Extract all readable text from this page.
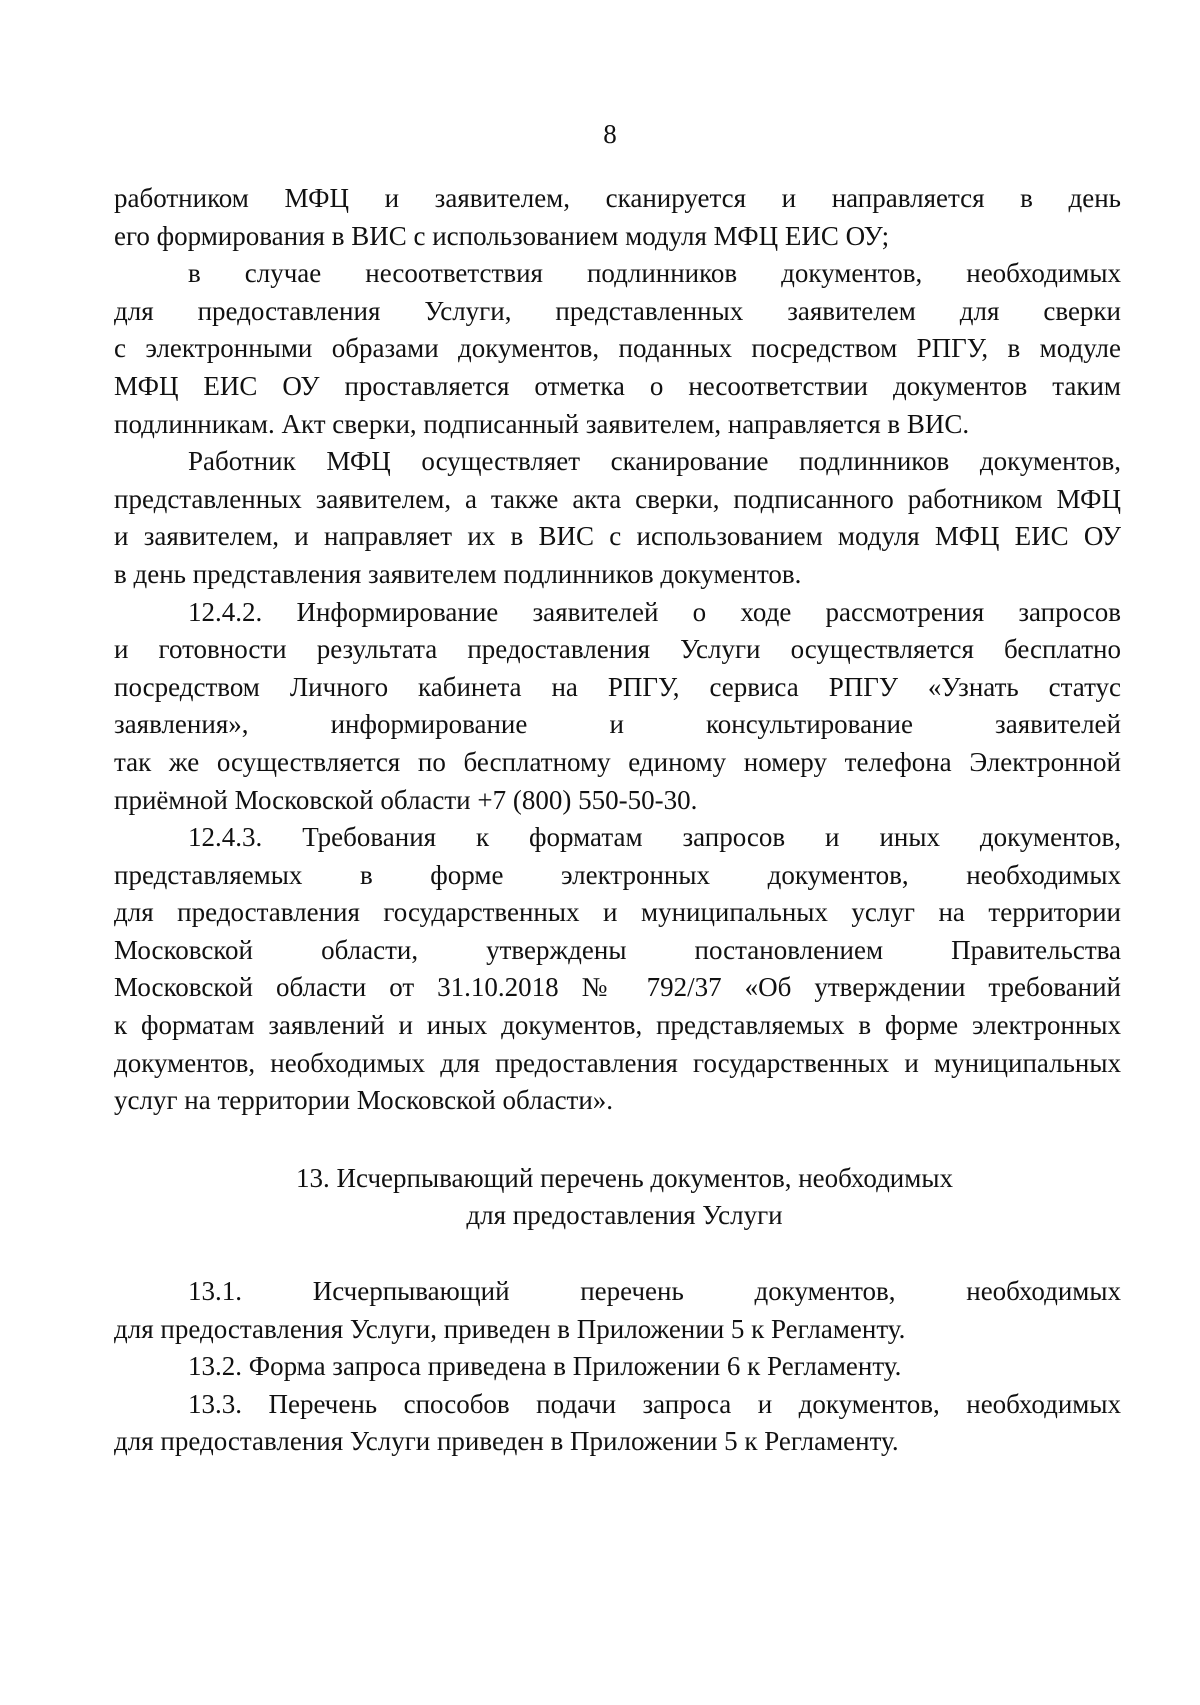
8
работником МФЦ и заявителем, сканируется и направляется в день
его формирования в ВИС с использованием модуля МФЦ ЕИС ОУ;
в случае несоответствия подлинников документов, необходимых
для предоставления Услуги, представленных заявителем для сверки
с электронными образами документов, поданных посредством РПГУ, в модуле
МФЦ ЕИС ОУ проставляется отметка о несоответствии документов таким
подлинникам. Акт сверки, подписанный заявителем, направляется в ВИС.
Работник МФЦ осуществляет сканирование подлинников документов,
представленных заявителем, а также акта сверки, подписанного работником МФЦ
и заявителем, и направляет их в ВИС с использованием модуля МФЦ ЕИС ОУ
в день представления заявителем подлинников документов.
12.4.2. Информирование заявителей о ходе рассмотрения запросов
и готовности результата предоставления Услуги осуществляется бесплатно
посредством Личного кабинета на РПГУ, сервиса РПГУ «Узнать статус
заявления», информирование и консультирование заявителей
так же осуществляется по бесплатному единому номеру телефона Электронной
приёмной Московской области +7 (800) 550-50-30.
12.4.3. Требования к форматам запросов и иных документов,
представляемых в форме электронных документов, необходимых
для предоставления государственных и муниципальных услуг на территории
Московской области, утверждены постановлением Правительства
Московской области от 31.10.2018 № 792/37 «Об утверждении требований
к форматам заявлений и иных документов, представляемых в форме электронных
документов, необходимых для предоставления государственных и муниципальных
услуг на территории Московской области».
13. Исчерпывающий перечень документов, необходимых
для предоставления Услуги
13.1. Исчерпывающий перечень документов, необходимых
для предоставления Услуги, приведен в Приложении 5 к Регламенту.
13.2. Форма запроса приведена в Приложении 6 к Регламенту.
13.3. Перечень способов подачи запроса и документов, необходимых
для предоставления Услуги приведен в Приложении 5 к Регламенту.
